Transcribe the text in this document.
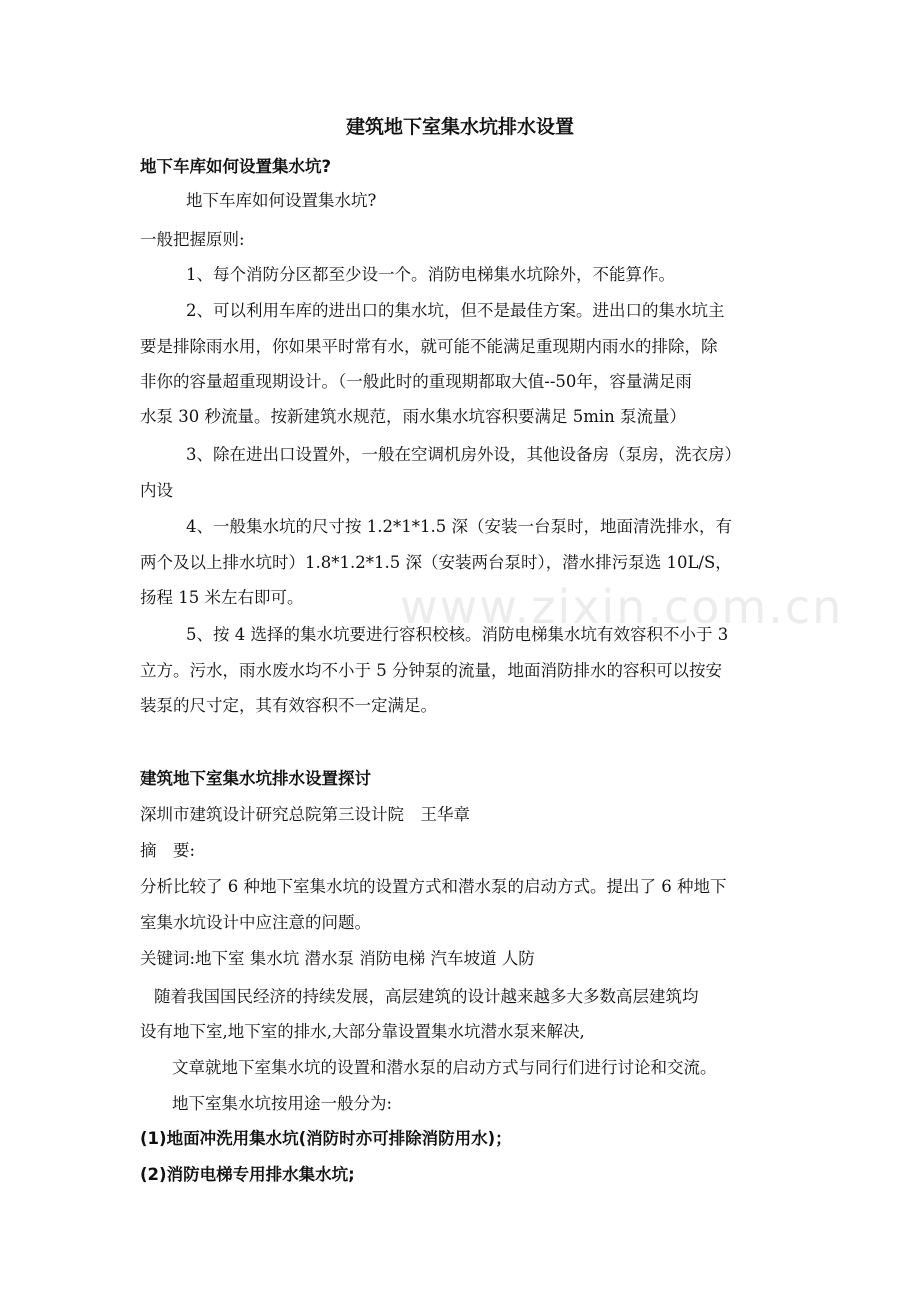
www.zixin.com.cn
建筑地下室集水坑排水设置
地下车库如何设置集水坑?
地下车库如何设置集水坑?
一般把握原则:
1、每个消防分区都至少设一个。消防电梯集水坑除外，不能算作。
2、可以利用车库的进出口的集水坑，但不是最佳方案。进出口的集水坑主
要是排除雨水用，你如果平时常有水，就可能不能满足重现期内雨水的排除，除
非你的容量超重现期设计。（一般此时的重现期都取大值--50年，容量满足雨
水泵 30 秒流量。按新建筑水规范，雨水集水坑容积要满足 5min 泵流量）
3、除在进出口设置外，一般在空调机房外设，其他设备房（泵房，洗衣房）
内设
4、一般集水坑的尺寸按 1.2*1*1.5 深（安装一台泵时，地面清洗排水，有
两个及以上排水坑时）1.8*1.2*1.5 深（安装两台泵时），潜水排污泵选 10L/S，
扬程 15 米左右即可。
5、按 4 选择的集水坑要进行容积校核。消防电梯集水坑有效容积不小于 3
立方。污水，雨水废水均不小于 5 分钟泵的流量，地面消防排水的容积可以按安
装泵的尺寸定，其有效容积不一定满足。
建筑地下室集水坑排水设置探讨
深圳市建筑设计研究总院第三设计院　王华章
摘　要:
分析比较了 6 种地下室集水坑的设置方式和潜水泵的启动方式。提出了 6 种地下
室集水坑设计中应注意的问题。
关键词:地下室 集水坑 潜水泵 消防电梯 汽车坡道 人防
随着我国国民经济的持续发展，高层建筑的设计越来越多大多数高层建筑均
设有地下室,地下室的排水,大部分靠设置集水坑潜水泵来解决,
文章就地下室集水坑的设置和潜水泵的启动方式与同行们进行讨论和交流。
地下室集水坑按用途一般分为:
(1)地面冲洗用集水坑(消防时亦可排除消防用水)；
(2)消防电梯专用排水集水坑;
